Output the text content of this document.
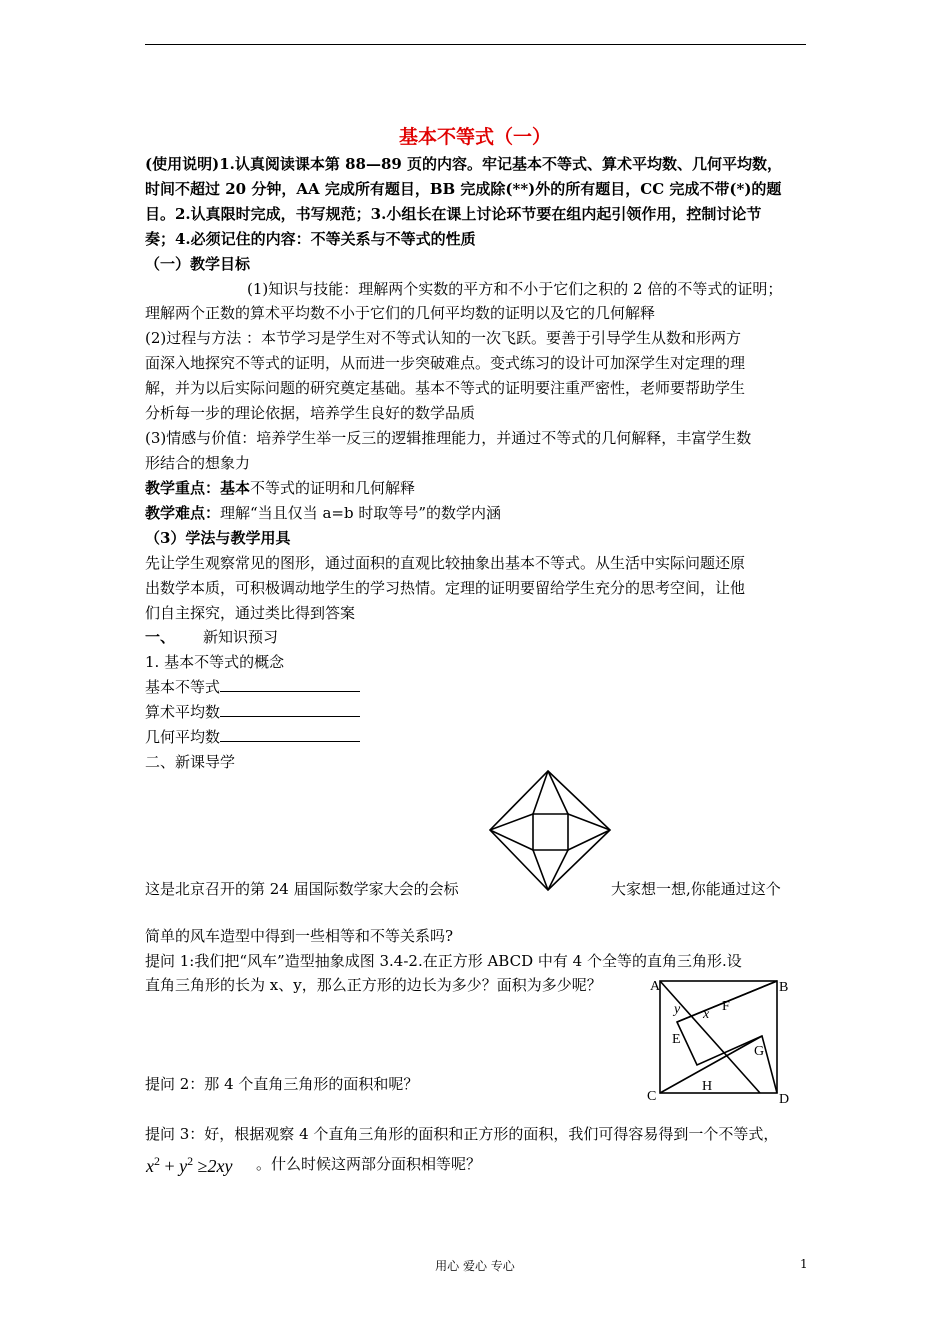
基本不等式（一）
(使用说明)1.认真阅读课本第 88—89 页的内容。牢记基本不等式、算术平均数、几何平均数，
时间不超过 20 分钟，AA 完成所有题目，BB 完成除(**)外的所有题目，CC 完成不带(*)的题
目。2.认真限时完成，书写规范；3.小组长在课上讨论环节要在组内起引领作用，控制讨论节
奏；4.必须记住的内容：不等关系与不等式的性质
（一）教学目标
(1)知识与技能：理解两个实数的平方和不小于它们之积的 2 倍的不等式的证明；
理解两个正数的算术平均数不小于它们的几何平均数的证明以及它的几何解释
(2)过程与方法 ：本节学习是学生对不等式认知的一次飞跃。要善于引导学生从数和形两方
面深入地探究不等式的证明，从而进一步突破难点。变式练习的设计可加深学生对定理的理
解，并为以后实际问题的研究奠定基础。基本不等式的证明要注重严密性，老师要帮助学生
分析每一步的理论依据，培养学生良好的数学品质
(3)情感与价值：培养学生举一反三的逻辑推理能力，并通过不等式的几何解释，丰富学生数
形结合的想象力
教学重点：基本不等式的证明和几何解释
教学难点：理解“当且仅当 a=b 时取等号”的数学内涵
（3）学法与教学用具
先让学生观察常见的图形，通过面积的直观比较抽象出基本不等式。从生活中实际问题还原
出数学本质，可积极调动地学生的学习热情。定理的证明要留给学生充分的思考空间，让他
们自主探究，通过类比得到答案
一、 新知识预习
1. 基本不等式的概念
基本不等式
算术平均数
几何平均数
二、新课导学
这是北京召开的第 24 届国际数学家大会的会标	大家想一想,你能通过这个
简单的风车造型中得到一些相等和不等关系吗?
提问 1:我们把“风车”造型抽象成图 3.4-2.在正方形 ABCD 中有 4 个全等的直角三角形.设
直角三角形的长为 x、y，那么正方形的边长为多少？面积为多少呢？	A	B
C	D
E
F
G
H
x
y
提问 2：那 4 个直角三角形的面积和呢？
提问 3：好，根据观察 4 个直角三角形的面积和正方形的面积，我们可得容易得到一个不等式，
$x^2 + y^2 \ge 2xy$ 。什么时候这两部分面积相等呢？
用心 爱心 专心	1
